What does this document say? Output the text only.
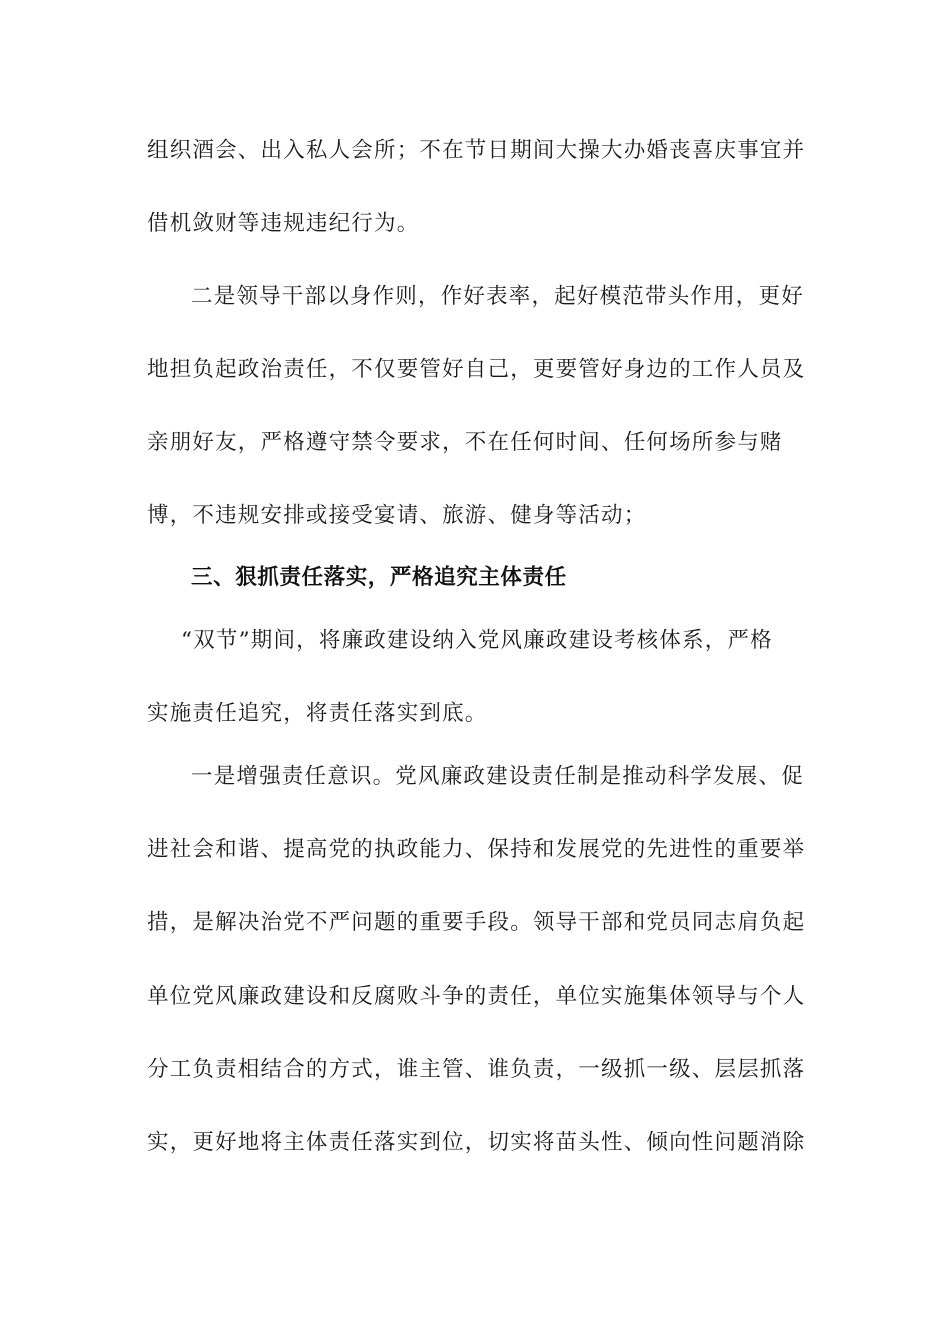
组织酒会、出入私人会所；不在节日期间大操大办婚丧喜庆事宜并
借机敛财等违规违纪行为。
二是领导干部以身作则，作好表率，起好模范带头作用，更好
地担负起政治责任，不仅要管好自己，更要管好身边的工作人员及
亲朋好友，严格遵守禁令要求，不在任何时间、任何场所参与赌
博，不违规安排或接受宴请、旅游、健身等活动；
三、狠抓责任落实，严格追究主体责任
“双节”期间，将廉政建设纳入党风廉政建设考核体系，严格
实施责任追究，将责任落实到底。
一是增强责任意识。党风廉政建设责任制是推动科学发展、促
进社会和谐、提高党的执政能力、保持和发展党的先进性的重要举
措，是解决治党不严问题的重要手段。领导干部和党员同志肩负起
单位党风廉政建设和反腐败斗争的责任，单位实施集体领导与个人
分工负责相结合的方式，谁主管、谁负责，一级抓一级、层层抓落
实，更好地将主体责任落实到位，切实将苗头性、倾向性问题消除
